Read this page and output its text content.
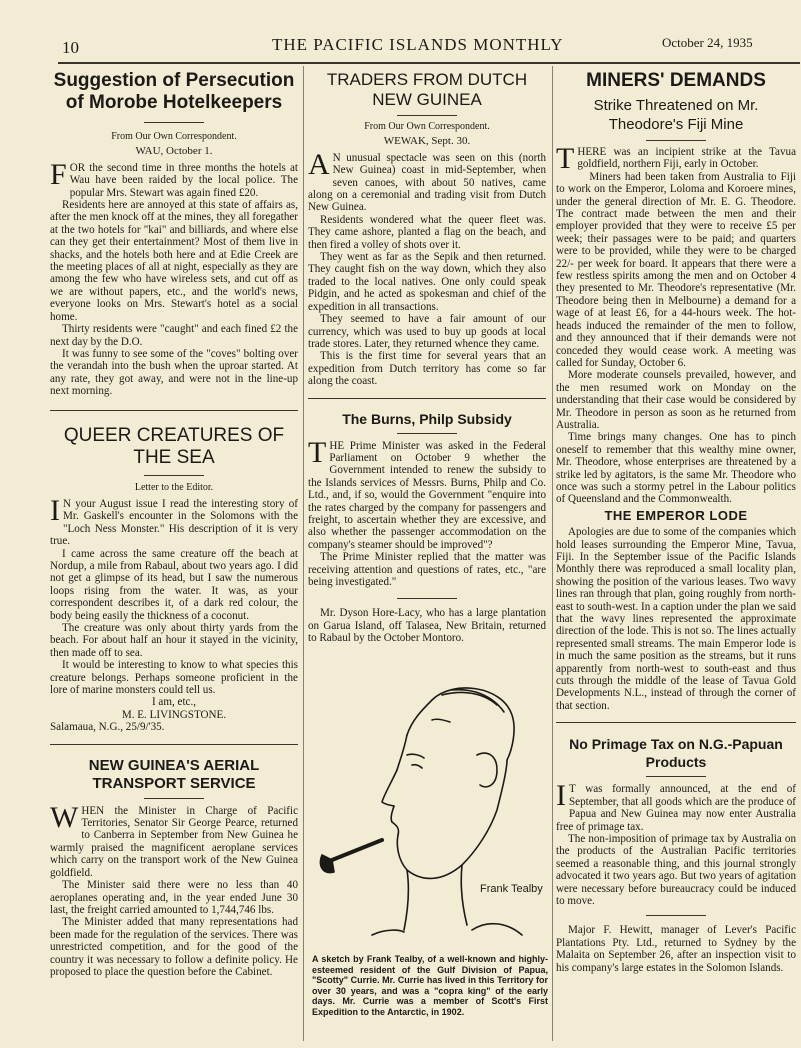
10	THE PACIFIC ISLANDS MONTHLY	October 24, 1935
Suggestion of Persecution of Morobe Hotelkeepers
From Our Own Correspondent.
WAU, October 1.

FOR the second time in three months the hotels at Wau have been raided by the local police. The popular Mrs. Stewart was again fined £20.

Residents here are annoyed at this state of affairs as, after the men knock off at the mines, they all foregather at the two hotels for "kai" and billiards, and where else can they get their entertainment? Most of them live in shacks, and the hotels both here and at Edie Creek are the meeting places of all at night, especially as they are among the few who have wireless sets, and cut off as we are without papers, etc., and the world's news, everyone looks on Mrs. Stewart's hotel as a social home.

Thirty residents were "caught" and each fined £2 the next day by the D.O.

It was funny to see some of the "coves" bolting over the verandah into the bush when the uproar started. At any rate, they got away, and were not in the line-up next morning.

QUEER CREATURES OF THE SEA
Letter to the Editor.

I N your August issue I read the interesting story of Mr. Gaskell's encounter in the Solomons with the "Loch Ness Monster." His description of it is very true.

I came across the same creature off the beach at Nordup, a mile from Rabaul, about two years ago. I did not get a glimpse of its head, but I saw the numerous loops rising from the water. It was, as your correspondent describes it, of a dark red colour, the body being easily the thickness of a coconut.

The creature was only about thirty yards from the beach. For about half an hour it stayed in the vicinity, then made off to sea.

It would be interesting to know to what species this creature belongs. Perhaps someone proficient in the lore of marine monsters could tell us.

I am, etc.,
M. E. LIVINGSTONE.
Salamaua, N.G., 25/9/'35.
NEW GUINEA'S AERIAL TRANSPORT SERVICE

WHEN the Minister in Charge of Pacific Territories, Senator Sir George Pearce, returned to Canberra in September from New Guinea he warmly praised the magnificent aeroplane services which carry on the transport work of the New Guinea goldfield.

The Minister said there were no less than 40 aeroplanes operating and, in the year ended June 30 last, the freight carried amounted to 1,744,746 lbs.

The Minister added that many representations had been made for the regulation of the services. There was unrestricted competition, and for the good of the country it was necessary to follow a definite policy. He proposed to place the question before the Cabinet.

TRADERS FROM DUTCH NEW GUINEA
From Our Own Correspondent.
WEWAK, Sept. 30.

A N unusual spectacle was seen on this (north New Guinea) coast in mid-September, when seven canoes, with about 50 natives, came along on a ceremonial and trading visit from Dutch New Guinea.

Residents wondered what the queer fleet was. They came ashore, planted a flag on the beach, and then fired a volley of shots over it.

They went as far as the Sepik and then returned. They caught fish on the way down, which they also traded to the local natives. One only could speak Pidgin, and he acted as spokesman and chief of the expedition in all transactions.

They seemed to have a fair amount of our currency, which was used to buy up goods at local trade stores. Later, they returned whence they came.

This is the first time for several years that an expedition from Dutch territory has come so far along the coast.

The Burns, Philp Subsidy

THE Prime Minister was asked in the Federal Parliament on October 9 whether the Government intended to renew the subsidy to the Islands services of Messrs. Burns, Philp and Co. Ltd., and, if so, would the Government "enquire into the rates charged by the company for passengers and freight, to ascertain whether they are excessive, and also whether the passenger accommodation on the company's steamer should be improved"?

The Prime Minister replied that the matter was receiving attention and questions of rates, etc., "are being investigated."

Mr. Dyson Hore-Lacy, who has a large plantation on Garua Island, off Talasea, New Britain, returned to Rabaul by the October Montoro.

Frank Tealby
A sketch by Frank Tealby, of a well-known and highly-esteemed resident of the Gulf Division of Papua, "Scotty" Currie. Mr. Currie has lived in this Territory for over 30 years, and was a "copra king" of the early days. Mr. Currie was a member of Scott's First Expedition to the Antarctic, in 1902.
MINERS' DEMANDS
Strike Threatened on Mr. Theodore's Fiji Mine

THERE was an incipient strike at the Tavua goldfield, northern Fiji, early in October.

Miners had been taken from Australia to Fiji to work on the Emperor, Loloma and Koroere mines, under the general direction of Mr. E. G. Theodore. The contract made between the men and their employer provided that they were to receive £5 per week; their passages were to be paid; and quarters were to be provided, while they were to be charged 22/- per week for board. It appears that there were a few restless spirits among the men and on October 4 they presented to Mr. Theodore's representative (Mr. Theodore being then in Melbourne) a demand for a wage of at least £6, for a 44-hours week. The hot-heads induced the remainder of the men to follow, and they announced that if their demands were not conceded they would cease work. A meeting was called for Sunday, October 6.

More moderate counsels prevailed, however, and the men resumed work on Monday on the understanding that their case would be considered by Mr. Theodore in person as soon as he returned from Australia.

Time brings many changes. One has to pinch oneself to remember that this wealthy mine owner, Mr. Theodore, whose enterprises are threatened by a strike led by agitators, is the same Mr. Theodore who once was such a stormy petrel in the Labour politics of Queensland and the Commonwealth.

THE EMPEROR LODE

Apologies are due to some of the companies which hold leases surrounding the Emperor Mine, Tavua, Fiji. In the September issue of the Pacific Islands Monthly there was reproduced a small locality plan, showing the position of the various leases. Two wavy lines ran through that plan, going roughly from north-east to south-west. In a caption under the plan we said that the wavy lines represented the approximate direction of the lode. This is not so. The lines actually represented small streams. The main Emperor lode is in much the same position as the streams, but it runs apparently from north-west to south-east and thus cuts through the middle of the lease of Tavua Gold Developments N.L., instead of through the corner of that section.

No Primage Tax on N.G.-Papuan Products

I T was formally announced, at the end of September, that all goods which are the produce of Papua and New Guinea may now enter Australia free of primage tax.

The non-imposition of primage tax by Australia on the products of the Australian Pacific territories seemed a reasonable thing, and this journal strongly advocated it two years ago. But two years of agitation were necessary before bureaucracy could be induced to move.

Major F. Hewitt, manager of Lever's Pacific Plantations Pty. Ltd., returned to Sydney by the Malaita on September 26, after an inspection visit to his company's large estates in the Solomon Islands.
